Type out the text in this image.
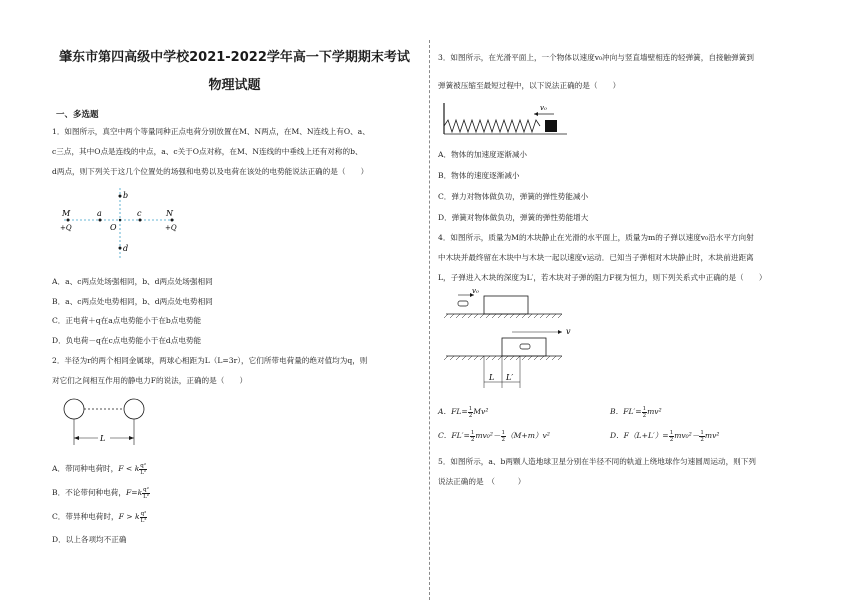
肇东市第四高级中学校2021-2022学年高一下学期期末考试
物理试题
一、多选题
1．如图所示，真空中两个等量同种正点电荷分别放置在M、N两点，在M、N连线上有O、a、
c三点，其中O点是连线的中点，a、c关于O点对称，在M、N连线的中垂线上还有对称的b、
d两点，则下列关于这几个位置处的场强和电势以及电荷在该处的电势能说法正确的是（　　）
M
+Q
a
O
c	N
+Q
b
d
A．a、c两点处场强相同，b、d两点处场强相同
B．a、c两点处电势相同，b、d两点处电势相同
C．正电荷＋q在a点电势能小于在b点电势能
D．负电荷－q在c点电势能小于在d点电势能
2．半径为r的两个相同金属球，两球心相距为L（L=3r），它们所带电荷量的绝对值均为q，则
对它们之间相互作用的静电力F的说法，正确的是（　　）
L
A．带同种电荷时，F < k $\frac{\text{q²}}{\text{L²}}$
B．不论带何种电荷，$F=k \frac{\text{q²}}{\text{L²}}$
C．带异种电荷时，F > k $\frac{\text{q²}}{\text{L²}}$
D．以上各项均不正确
3．如图所示，在光滑平面上，一个物体以速度v₀冲向与竖直墙壁相连的轻弹簧，自接触弹簧到
弹簧被压缩至最短过程中，以下说法正确的是（　　）
v₀
A．物体的加速度逐渐减小
B．物体的速度逐渐减小
C．弹力对物体做负功，弹簧的弹性势能减小
D．弹簧对物体做负功，弹簧的弹性势能增大
4．如图所示，质量为M的木块静止在光滑的水平面上，质量为m的子弹以速度v₀沿水平方向射
中木块并最终留在木块中与木块一起以速度v运动．已知当子弹相对木块静止时，木块前进距离
L，子弹进入木块的深度为L′，若木块对子弹的阻力F视为恒力，则下列关系式中正确的是（　　）
v₀
v
L L′
A．$FL= \frac{1}{2} Mv^2$	B．$FL'= \frac{1}{2} mv^2$
C．$FL'= \frac{1}{2} mv_0^2- \frac{1}{2} (M+m)v^2$	D．$F(L+L')= \frac{1}{2} mv_0^2- \frac{1}{2} mv^2$
5．如图所示，a、b两颗人造地球卫星分别在半径不同的轨道上绕地球作匀速圆周运动，则下列
说法正确的是　（　　　）
